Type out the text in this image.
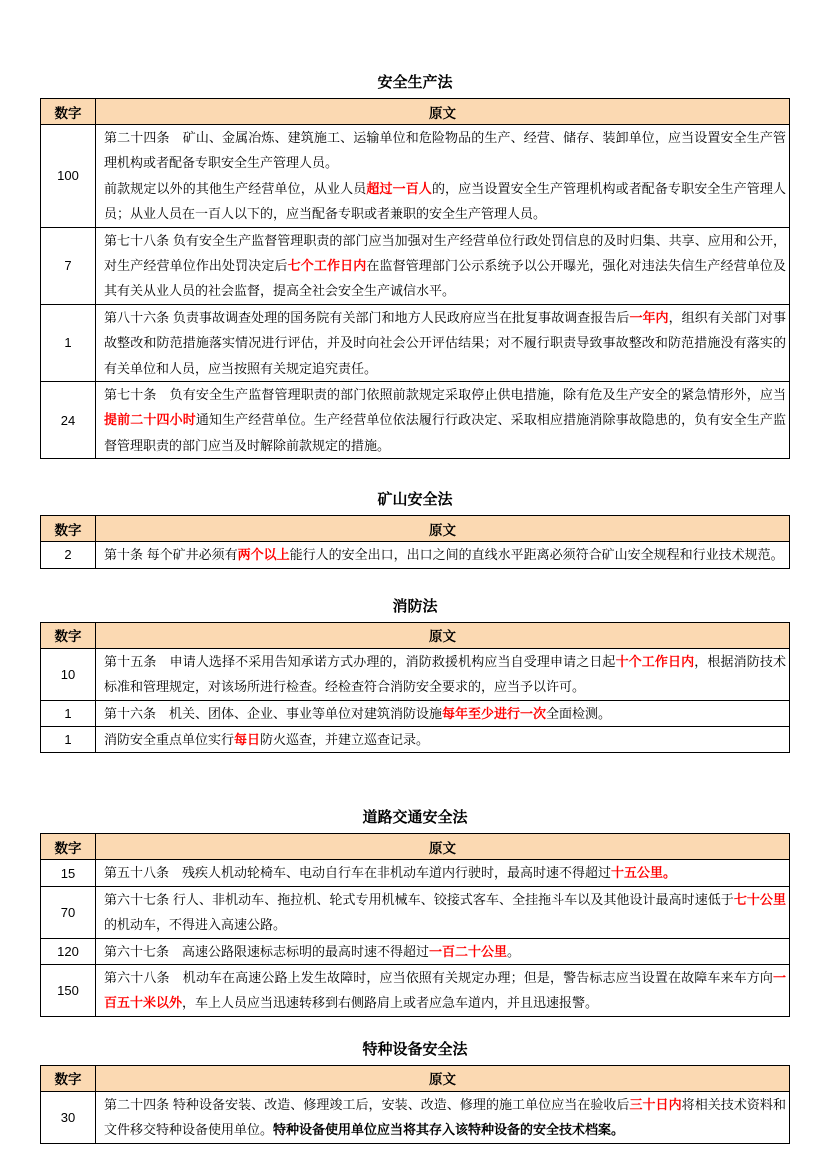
安全生产法
数字	原文
100	第二十四条　矿山、金属冶炼、建筑施工、运输单位和危险物品的生产、经营、储存、装卸单位，应当设置安全生产管理机构或者配备专职安全生产管理人员。
前款规定以外的其他生产经营单位，从业人员超过一百人的，应当设置安全生产管理机构或者配备专职安全生产管理人员；从业人员在一百人以下的，应当配备专职或者兼职的安全生产管理人员。
7	第七十八条 负有安全生产监督管理职责的部门应当加强对生产经营单位行政处罚信息的及时归集、共享、应用和公开，对生产经营单位作出处罚决定后七个工作日内在监督管理部门公示系统予以公开曝光，强化对违法失信生产经营单位及其有关从业人员的社会监督，提高全社会安全生产诚信水平。
1	第八十六条 负责事故调查处理的国务院有关部门和地方人民政府应当在批复事故调查报告后一年内，组织有关部门对事故整改和防范措施落实情况进行评估，并及时向社会公开评估结果；对不履行职责导致事故整改和防范措施没有落实的有关单位和人员，应当按照有关规定追究责任。
24	第七十条　负有安全生产监督管理职责的部门依照前款规定采取停止供电措施，除有危及生产安全的紧急情形外，应当提前二十四小时通知生产经营单位。生产经营单位依法履行行政决定、采取相应措施消除事故隐患的，负有安全生产监督管理职责的部门应当及时解除前款规定的措施。
矿山安全法
数字	原文
2	第十条 每个矿井必须有两个以上能行人的安全出口，出口之间的直线水平距离必须符合矿山安全规程和行业技术规范。
消防法
数字	原文
10	第十五条　申请人选择不采用告知承诺方式办理的，消防救援机构应当自受理申请之日起十个工作日内，根据消防技术标准和管理规定，对该场所进行检查。经检查符合消防安全要求的，应当予以许可。
1	第十六条　机关、团体、企业、事业等单位对建筑消防设施每年至少进行一次全面检测。
1	消防安全重点单位实行每日防火巡查，并建立巡查记录。
道路交通安全法
数字	原文
15	第五十八条　残疾人机动轮椅车、电动自行车在非机动车道内行驶时，最高时速不得超过十五公里。
70	第六十七条 行人、非机动车、拖拉机、轮式专用机械车、铰接式客车、全挂拖斗车以及其他设计最高时速低于七十公里的机动车，不得进入高速公路。
120	第六十七条　高速公路限速标志标明的最高时速不得超过一百二十公里。
150	第六十八条　机动车在高速公路上发生故障时，应当依照有关规定办理；但是，警告标志应当设置在故障车来车方向一百五十米以外，车上人员应当迅速转移到右侧路肩上或者应急车道内，并且迅速报警。
特种设备安全法
数字	原文
30	第二十四条 特种设备安装、改造、修理竣工后，安装、改造、修理的施工单位应当在验收后三十日内将相关技术资料和文件移交特种设备使用单位。特种设备使用单位应当将其存入该特种设备的安全技术档案。
